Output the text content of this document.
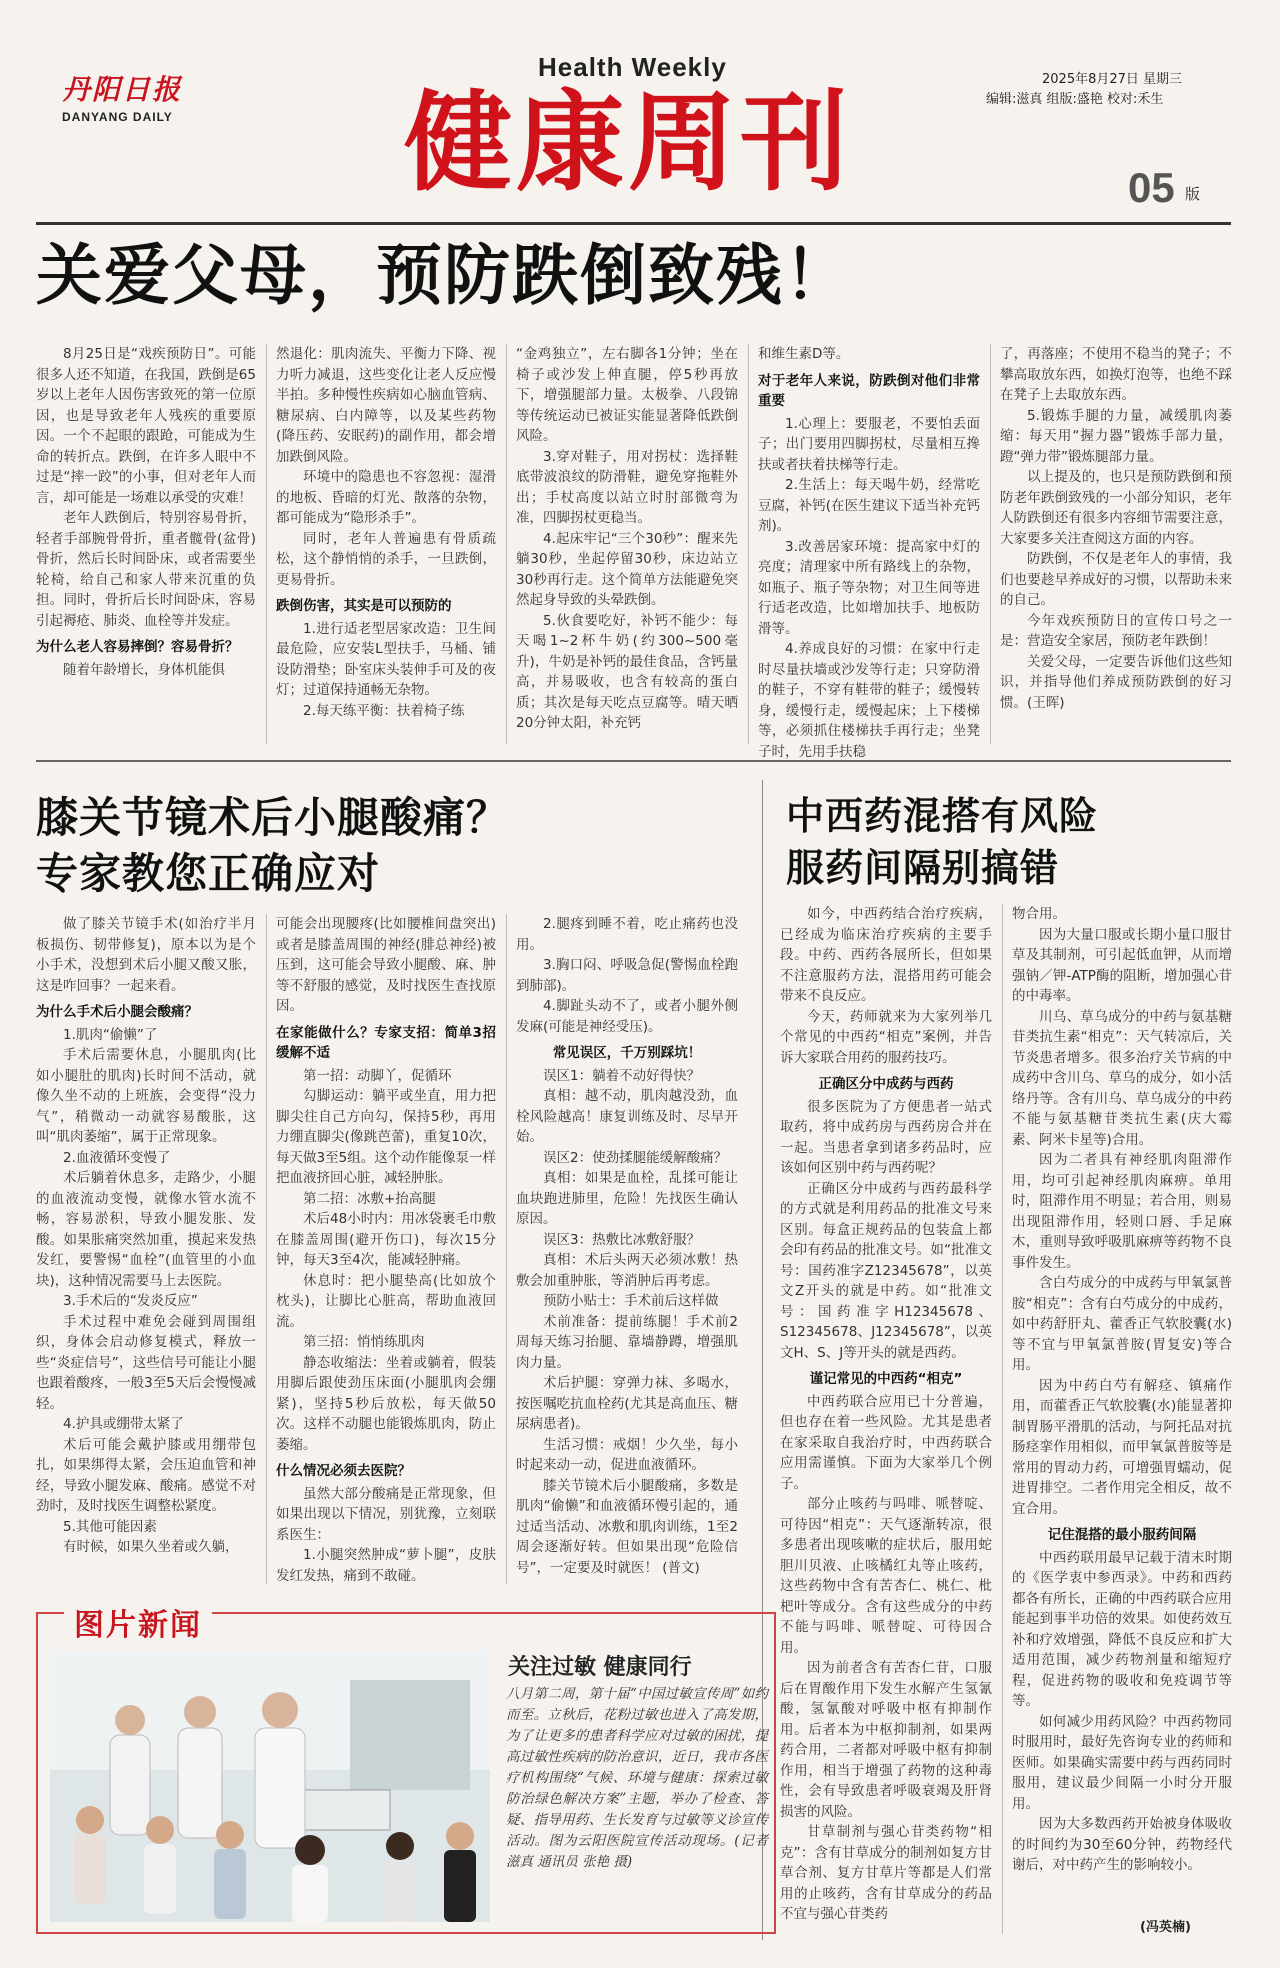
丹阳日报
DANYANG DAILY
Health Weekly
健康周刊
2025年8月27日 星期三
编辑:滋真 组版:盛艳 校对:禾生
05 版
关爱父母，预防跌倒致残！

8月25日是“戏疾预防日”。可能很多人还不知道，在我国，跌倒是65岁以上老年人因伤害致死的第一位原因，也是导致老年人残疾的重要原因。一个不起眼的跟跄，可能成为生命的转折点。跌倒，在许多人眼中不过是“摔一跤”的小事，但对老年人而言，却可能是一场难以承受的灾难！

老年人跌倒后，特别容易骨折，轻者手部腕骨骨折，重者髋骨(盆骨)骨折，然后长时间卧床，或者需要坐轮椅，给自己和家人带来沉重的负担。同时，骨折后长时间卧床，容易引起褥疮、肺炎、血栓等并发症。

为什么老人容易摔倒？容易骨折？

随着年龄增长，身体机能俱

然退化：肌肉流失、平衡力下降、视力听力减退，这些变化让老人反应慢半拍。多种慢性疾病如心脑血管病、糖尿病、白内障等，以及某些药物(降压药、安眠药)的副作用，都会增加跌倒风险。

环境中的隐患也不容忽视：湿滑的地板、昏暗的灯光、散落的杂物，都可能成为“隐形杀手”。

同时，老年人普遍患有骨质疏松，这个静悄悄的杀手，一旦跌倒，更易骨折。

跌倒伤害，其实是可以预防的

1.进行适老型居家改造：卫生间最危险，应安装L型扶手，马桶、铺设防滑垫；卧室床头装伸手可及的夜灯；过道保持通畅无杂物。

2.每天练平衡：扶着椅子练

“金鸡独立”，左右脚各1分钟；坐在椅子或沙发上伸直腿，停5秒再放下，增强腿部力量。太极拳、八段锦等传统运动已被证实能显著降低跌倒风险。

3.穿对鞋子，用对拐杖：选择鞋底带波浪纹的防滑鞋，避免穿拖鞋外出；手杖高度以站立时肘部微弯为准，四脚拐杖更稳当。

4.起床牢记“三个30秒”：醒来先躺30秒，坐起停留30秒，床边站立30秒再行走。这个简单方法能避免突然起身导致的头晕跌倒。

5.伙食要吃好，补钙不能少：每天喝1~2杯牛奶(约300~500毫升)，牛奶是补钙的最佳食品，含钙量高，并易吸收，也含有较高的蛋白质；其次是每天吃点豆腐等。晴天晒20分钟太阳，补充钙

和维生素D等。

对于老年人来说，防跌倒对他们非常重要

1.心理上：要服老，不要怕丢面子；出门要用四脚拐杖，尽量相互搀扶或者扶着扶梯等行走。

2.生活上：每天喝牛奶，经常吃豆腐，补钙(在医生建议下适当补充钙剂)。

3.改善居家环境：提高家中灯的亮度；清理家中所有路线上的杂物，如瓶子、瓶子等杂物；对卫生间等进行适老改造，比如增加扶手、地板防滑等。

4.养成良好的习惯：在家中行走时尽量扶墙或沙发等行走；只穿防滑的鞋子，不穿有鞋带的鞋子；缓慢转身，缓慢行走，缓慢起床；上下楼梯等，必须抓住楼梯扶手再行走；坐凳子时，先用手扶稳

了，再落座；不使用不稳当的凳子；不攀高取放东西，如换灯泡等，也绝不踩在凳子上去取放东西。

5.锻炼手腿的力量，减缓肌肉萎缩：每天用“握力器”锻炼手部力量，蹬“弹力带”锻炼腿部力量。

以上提及的，也只是预防跌倒和预防老年跌倒致残的一小部分知识，老年人防跌倒还有很多内容细节需要注意，大家要多关注查阅这方面的内容。

防跌倒，不仅是老年人的事情，我们也要趁早养成好的习惯，以帮助未来的自己。

今年戏疾预防日的宣传口号之一是：营造安全家居，预防老年跌倒！

关爱父母，一定要告诉他们这些知识，并指导他们养成预防跌倒的好习惯。(王晖)

膝关节镜术后小腿酸痛？
专家教您正确应对

做了膝关节镜手术(如治疗半月板损伤、韧带修复)，原本以为是个小手术，没想到术后小腿又酸又胀，这是咋回事？一起来看。

为什么手术后小腿会酸痛？

1.肌肉“偷懒”了

手术后需要休息，小腿肌肉(比如小腿肚的肌肉)长时间不活动，就像久坐不动的上班族，会变得“没力气”，稍微动一动就容易酸胀，这叫“肌肉萎缩”，属于正常现象。

2.血液循环变慢了

术后躺着休息多，走路少，小腿的血液流动变慢，就像水管水流不畅，容易淤积，导致小腿发胀、发酸。如果胀痛突然加重，摸起来发热发红，要警惕“血栓”(血管里的小血块)，这种情况需要马上去医院。

3.手术后的“发炎反应”

手术过程中难免会碰到周围组织，身体会启动修复模式，释放一些“炎症信号”，这些信号可能让小腿也跟着酸疼，一般3至5天后会慢慢减轻。

4.护具或绷带太紧了

术后可能会戴护膝或用绷带包扎，如果绑得太紧，会压迫血管和神经，导致小腿发麻、酸痛。感觉不对劲时，及时找医生调整松紧度。

5.其他可能因素

有时候，如果久坐着或久躺，

可能会出现腰疼(比如腰椎间盘突出)或者是膝盖周围的神经(腓总神经)被压到，这可能会导致小腿酸、麻、肿等不舒服的感觉，及时找医生查找原因。

在家能做什么？专家支招：简单3招缓解不适

第一招：动脚丫，促循环

勾脚运动：躺平或坐直，用力把脚尖往自己方向勾，保持5秒，再用力绷直脚尖(像跳芭蕾)，重复10次，每天做3至5组。这个动作能像泵一样把血液挤回心脏，减轻肿胀。

第二招：冰敷+抬高腿

术后48小时内：用冰袋裹毛巾敷在膝盖周围(避开伤口)，每次15分钟，每天3至4次，能减轻肿痛。

休息时：把小腿垫高(比如放个枕头)，让脚比心脏高，帮助血液回流。

第三招：悄悄练肌肉

静态收缩法：坐着或躺着，假装用脚后跟使劲压床面(小腿肌肉会绷紧)，坚持5秒后放松，每天做50次。这样不动腿也能锻炼肌肉，防止萎缩。

什么情况必须去医院？

虽然大部分酸痛是正常现象，但如果出现以下情况，别犹豫，立刻联系医生：

1.小腿突然肿成“萝卜腿”，皮肤发红发热，痛到不敢碰。

2.腿疼到睡不着，吃止痛药也没用。

3.胸口闷、呼吸急促(警惕血栓跑到肺部)。

4.脚趾头动不了，或者小腿外侧发麻(可能是神经受压)。

常见误区，千万别踩坑！

误区1：躺着不动好得快？

真相：越不动，肌肉越没劲，血栓风险越高！康复训练及时、尽早开始。

误区2：使劲揉腿能缓解酸痛？

真相：如果是血栓，乱揉可能让血块跑进肺里，危险！先找医生确认原因。

误区3：热敷比冰敷舒服？

真相：术后头两天必须冰敷！热敷会加重肿胀，等消肿后再考虑。

预防小贴士：手术前后这样做

术前准备：提前练腿！手术前2周每天练习抬腿、靠墙静蹲，增强肌肉力量。

术后护腿：穿弹力袜、多喝水，按医嘱吃抗血栓药(尤其是高血压、糖尿病患者)。

生活习惯：戒烟！少久坐，每小时起来动一动，促进血液循环。

膝关节镜术后小腿酸痛，多数是肌肉“偷懒”和血液循环慢引起的，通过适当活动、冰敷和肌肉训练，1至2周会逐渐好转。但如果出现“危险信号”，一定要及时就医！ (普文)

中西药混搭有风险
服药间隔别搞错

如今，中西药结合治疗疾病，已经成为临床治疗疾病的主要手段。中药、西药各展所长，但如果不注意服药方法，混搭用药可能会带来不良反应。

今天，药师就来为大家列举几个常见的中西药“相克”案例，并告诉大家联合用药的服药技巧。

正确区分中成药与西药

很多医院为了方便患者一站式取药，将中成药房与西药房合并在一起。当患者拿到诸多药品时，应该如何区别中药与西药呢？

正确区分中成药与西药最科学的方式就是利用药品的批准文号来区别。每盒正规药品的包装盒上都会印有药品的批准文号。如“批准文号：国药准字Z12345678”，以英文Z开头的就是中药。如“批准文号：国药准字H12345678、S12345678、J12345678”，以英文H、S、J等开头的就是西药。

谨记常见的中西药“相克”

中西药联合应用已十分普遍，但也存在着一些风险。尤其是患者在家采取自我治疗时，中西药联合应用需谨慎。下面为大家举几个例子。

部分止咳药与吗啡、哌替啶、可待因“相克”：天气逐渐转凉，很多患者出现咳嗽的症状后，服用蛇胆川贝液、止咳橘红丸等止咳药，这些药物中含有苦杏仁、桃仁、枇杷叶等成分。含有这些成分的中药不能与吗啡、哌替啶、可待因合用。

因为前者含有苦杏仁苷，口服后在胃酸作用下发生水解产生氢氰酸，氢氰酸对呼吸中枢有抑制作用。后者本为中枢抑制剂，如果两药合用，二者都对呼吸中枢有抑制作用，相当于增强了药物的这种毒性，会有导致患者呼吸衰竭及肝肾损害的风险。

甘草制剂与强心苷类药物“相克”：含有甘草成分的制剂如复方甘草合剂、复方甘草片等都是人们常用的止咳药，含有甘草成分的药品不宜与强心苷类药

物合用。

因为大量口服或长期小量口服甘草及其制剂，可引起低血钾，从而增强钠／钾-ATP酶的阻断，增加强心苷的中毒率。

川乌、草乌成分的中药与氨基糖苷类抗生素“相克”：天气转凉后，关节炎患者增多。很多治疗关节病的中成药中含川乌、草乌的成分，如小活络丹等。含有川乌、草乌成分的中药不能与氨基糖苷类抗生素(庆大霉素、阿米卡星等)合用。

因为二者具有神经肌肉阻滞作用，均可引起神经肌肉麻痹。单用时，阻滞作用不明显；若合用，则易出现阻滞作用，轻则口唇、手足麻木，重则导致呼吸肌麻痹等药物不良事件发生。

含白芍成分的中成药与甲氧氯普胺“相克”：含有白芍成分的中成药，如中药舒肝丸、藿香正气软胶囊(水)等不宜与甲氧氯普胺(胃复安)等合用。

因为中药白芍有解痉、镇痛作用，而藿香正气软胶囊(水)能显著抑制胃肠平滑肌的活动，与阿托品对抗肠痉挛作用相似，而甲氧氯普胺等是常用的胃动力药，可增强胃蠕动，促进胃排空。二者作用完全相反，故不宜合用。

记住混搭的最小服药间隔

中西药联用最早记载于清末时期的《医学衷中参西录》。中药和西药都各有所长，正确的中西药联合应用能起到事半功倍的效果。如使药效互补和疗效增强，降低不良反应和扩大适用范围，减少药物剂量和缩短疗程，促进药物的吸收和免疫调节等等。

如何减少用药风险？中西药物同时服用时，最好先咨询专业的药师和医师。如果确实需要中药与西药同时服用，建议最少间隔一小时分开服用。

因为大多数西药开始被身体吸收的时间约为30至60分钟，药物经代谢后，对中药产生的影响较小。

(冯英楠)
图片新闻
关注过敏 健康同行
八月第二周，第十届“中国过敏宣传周”如约而至。立秋后，花粉过敏也进入了高发期，为了让更多的患者科学应对过敏的困扰，提高过敏性疾病的防治意识，近日，我市各医疗机构围绕“气候、环境与健康：探索过敏防治绿色解决方案”主题，举办了检查、答疑、指导用药、生长发育与过敏等义诊宣传活动。图为云阳医院宣传活动现场。(记者 滋真 通讯员 张艳 摄)
